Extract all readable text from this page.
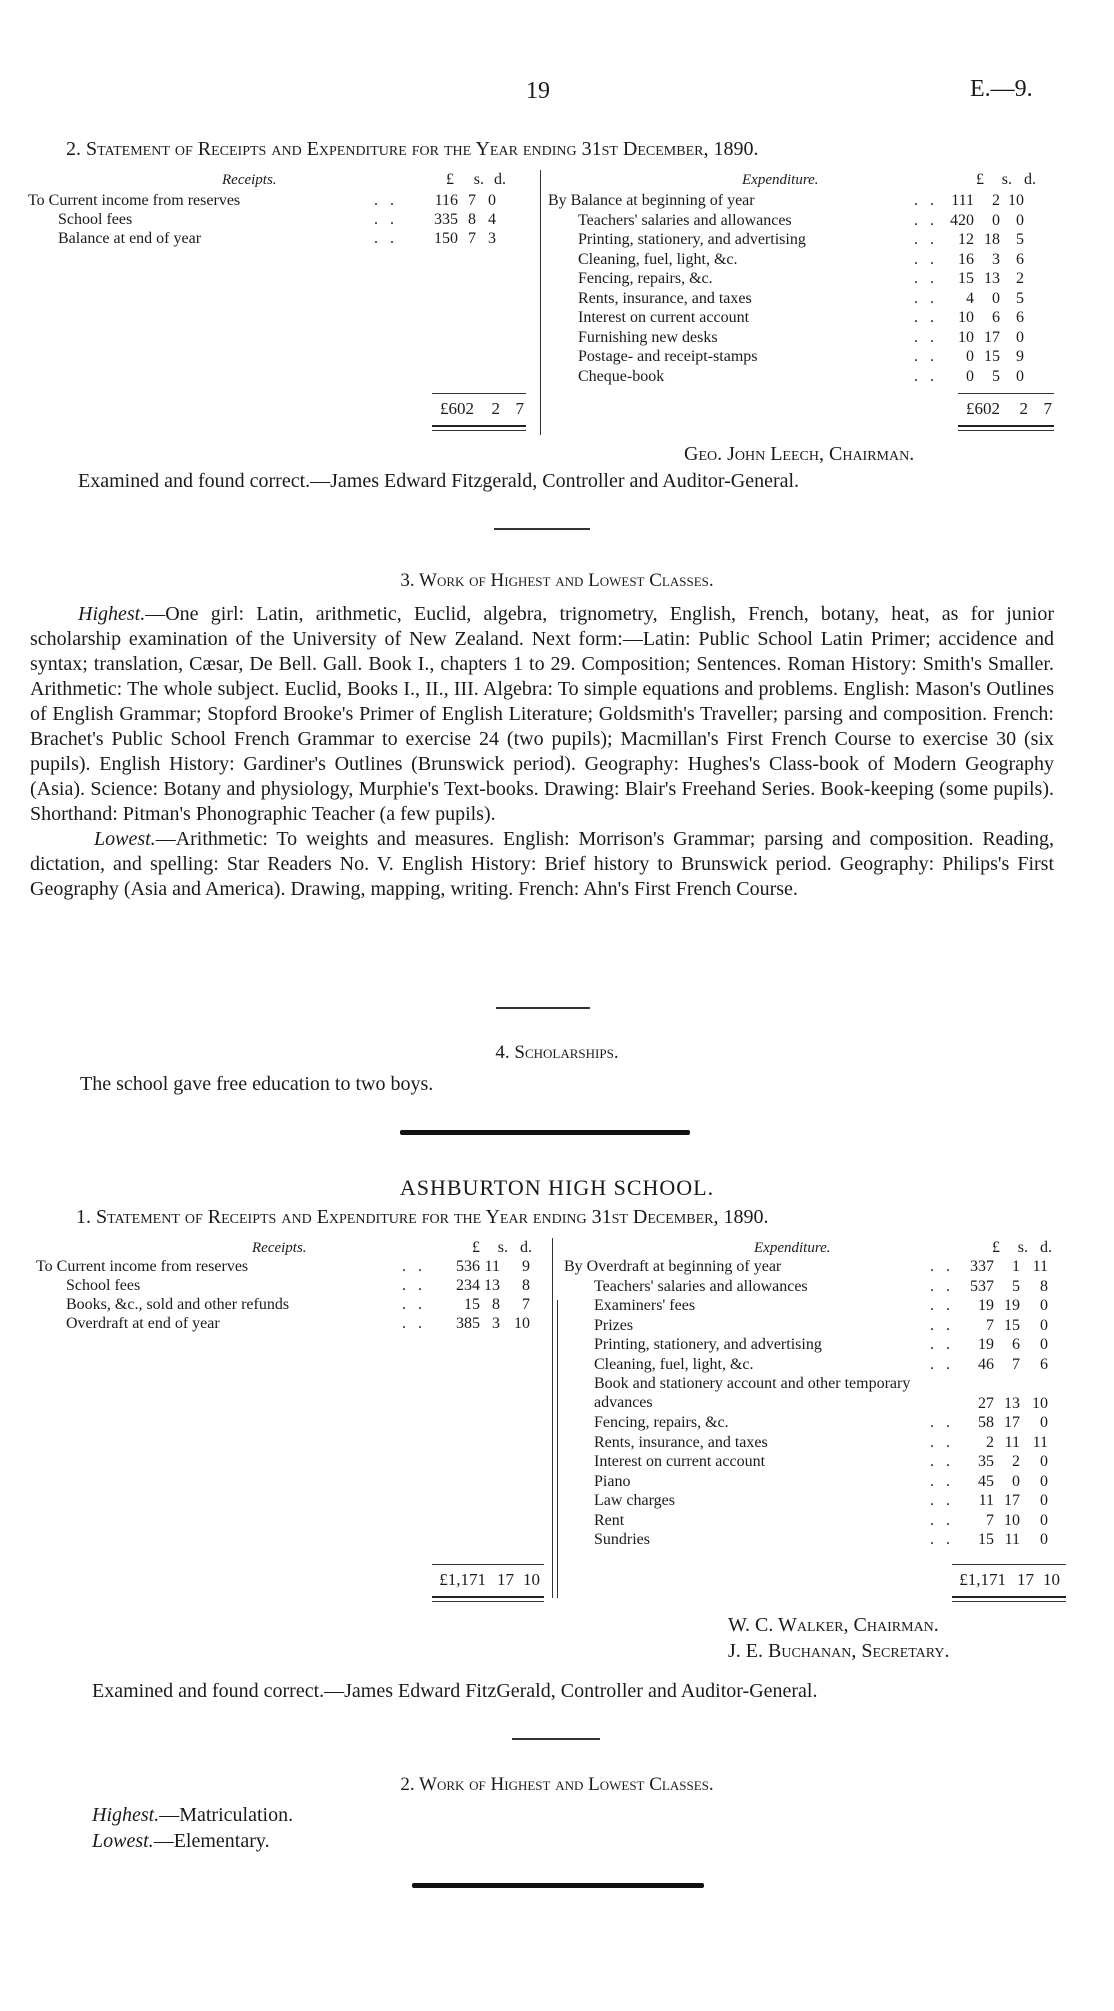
19	E.—9.
2. Statement of Receipts and Expenditure for the Year ending 31st December, 1890.
Receipts.	£	s. d.
To Current income from reserves	. .	116 7 0
School fees	. .	335 8 4
Balance at end of year	. .	150 7 3
£602	2 7
Expenditure.	£	s. d.
By Balance at beginning of year	. . 111	2 10
Teachers' salaries and allowances	. . 420	0	0
Printing, stationery, and advertising	. .	12 18	5
Cleaning, fuel, light, &c.	. .	16	3	6
Fencing, repairs, &c.	. .	15 13	2
Rents, insurance, and taxes	. .	4	0	5
Interest on current account	. .	10	6	6
Furnishing new desks	. .	10 17	0
Postage- and receipt-stamps	. .	0 15	9
Cheque-book	. .	0	5	0
£602	2 7
Geo. John Leech, Chairman.
Examined and found correct.—James Edward Fitzgerald, Controller and Auditor-General.
3. Work of Highest and Lowest Classes.

Highest.—One girl: Latin, arithmetic, Euclid, algebra, trignometry, English, French, botany, heat, as for junior scholarship examination of the University of New Zealand. Next form:—Latin: Public School Latin Primer; accidence and syntax; translation, Cæsar, De Bell. Gall. Book I., chapters 1 to 29. Composition; Sentences. Roman History: Smith's Smaller. Arithmetic: The whole subject. Euclid, Books I., II., III. Algebra: To simple equations and problems. English: Mason's Outlines of English Grammar; Stopford Brooke's Primer of English Literature; Goldsmith's Traveller; parsing and composition. French: Brachet's Public School French Grammar to exercise 24 (two pupils); Macmillan's First French Course to exercise 30 (six pupils). English History: Gardiner's Outlines (Brunswick period). Geography: Hughes's Class-book of Modern Geography (Asia). Science: Botany and physiology, Murphie's Text-books. Drawing: Blair's Freehand Series. Book-keeping (some pupils). Shorthand: Pitman's Phonographic Teacher (a few pupils).

Lowest.—Arithmetic: To weights and measures. English: Morrison's Grammar; parsing and composition. Reading, dictation, and spelling: Star Readers No. V. English History: Brief history to Brunswick period. Geography: Philips's First Geography (Asia and America). Drawing, mapping, writing. French: Ahn's First French Course.

4. Scholarships.
The school gave free education to two boys.
ASHBURTON HIGH SCHOOL.
1. Statement of Receipts and Expenditure for the Year ending 31st December, 1890.
Receipts.	£	s. d.
To Current income from reserves	. .	536 11	9
School fees	. .	234 13	8
Books, &c., sold and other refunds	. .	15 8	7
Overdraft at end of year	. .	385 3 10
£1,171 17 10
Expenditure.	£	s. d.
By Overdraft at beginning of year	. .	337	1 11
Teachers' salaries and allowances	. .	537	5	8
Examiners' fees	. .	19 19	0
Prizes	. .	7 15	0
Printing, stationery, and advertising	. .	19	6	0
Cleaning, fuel, light, &c.	. .	46	7	6
Book and stationery account and other temporary advances	27 13 10
Fencing, repairs, &c.	. .	58 17	0
Rents, insurance, and taxes	. .	2 11 11
Interest on current account	. .	35	2	0
Piano	. .	45	0	0
Law charges	. .	11 17	0
Rent	. .	7 10	0
Sundries	. .	15 11	0
£1,171 17 10
W. C. Walker, Chairman.
J. E. Buchanan, Secretary.
Examined and found correct.—James Edward FitzGerald, Controller and Auditor-General.
2. Work of Highest and Lowest Classes.
Highest.—Matriculation.
Lowest.—Elementary.
